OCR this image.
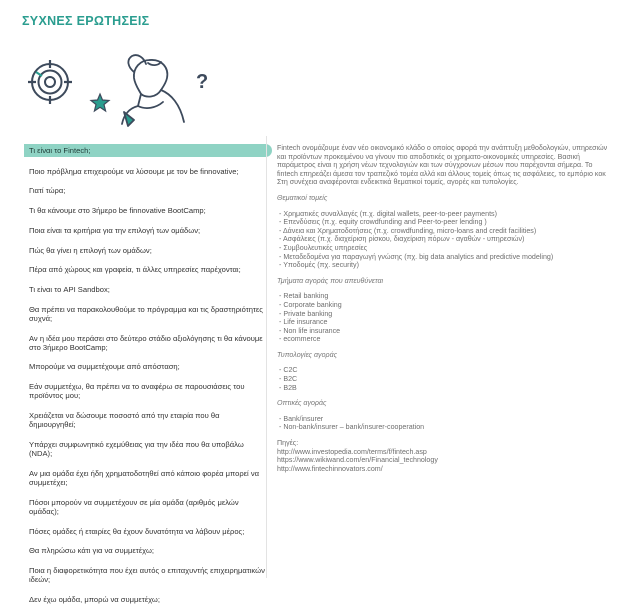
ΣΥΧΝΕΣ ΕΡΩΤΗΣΕΙΣ
?
Τι είναι το Fintech;
Ποιο πρόβλημα επιχειρούμε να λύσουμε με τον be finnovative;
Γιατί τώρα;
Τι θα κάνουμε στο 3ήμερο be finnovative BootCamp;
Ποια είναι τα κριτήρια για την επιλογή των ομάδων;
Πώς θα γίνει η επιλογή των ομάδων;
Πέρα από χώρους και γραφεία, τι άλλες υπηρεσίες παρέχονται;
Τι είναι το API Sandbox;
Θα πρέπει να παρακολουθούμε το πρόγραμμα και τις δραστηριότητες συχνά;
Αν η ιδέα μου περάσει στο δεύτερο στάδιο αξιολόγησης τι θα κάνουμε στο 3ήμερο BootCamp;
Μπορούμε να συμμετέχουμε από απόσταση;
Εάν συμμετέχω, θα πρέπει να το αναφέρω σε παρουσιάσεις του προϊόντος μου;
Χρειάζεται να δώσουμε ποσοστό από την εταιρία που θα δημιουργηθεί;
Υπάρχει συμφωνητικό εχεμύθειας για την ιδέα που θα υποβάλω (NDA);
Αν μια ομάδα έχει ήδη χρηματοδοτηθεί από κάποιο φορέα μπορεί να συμμετέχει;
Πόσοι μπορούν να συμμετέχουν σε μία ομάδα (αριθμός μελών ομάδας);
Πόσες ομάδες ή εταιρίες θα έχουν δυνατότητα να λάβουν μέρος;
Θα πληρώσω κάτι για να συμμετέχω;
Ποια η διαφορετικότητα που έχει αυτός ο επιταχυντής επιχειρηματικών ιδεών;
Δεν έχω ομάδα, μπορώ να συμμετέχω;

Fintech ονομάζουμε έναν νέο οικονομικό κλάδο ο οποίος αφορά την ανάπτυξη μεθοδολογιών, υπηρεσιών και προϊόντων προκειμένου να γίνουν πιο αποδοτικές οι χρηματο-οικονομικές υπηρεσίες. Βασική παράμετρος είναι η χρήση νέων τεχνολογιών και των σύγχρονων μέσων που παρέχονται σήμερα. Το fintech επηρεάζει άμεσα τον τραπεζικό τομέα αλλά και άλλους τομείς όπως τις ασφάλειες, το εμπόριο κοκ Στη συνέχεια αναφέρονται ενδεικτικά θεματικοί τομείς, αγορές και τυπολογίες.

Θεματικοί τομείς
- Χρηματικές συναλλαγές (π.χ. digital wallets, peer-to-peer payments)
- Επενδύσεις (π.χ. equity crowdfunding and Peer-to-peer lending )
- Δάνεια και Χρηματοδοτήσεις (π.χ. crowdfunding, micro-loans and credit facilities)
- Ασφάλειες (π.χ. διαχείριση ρίσκου, διαχείριση πόρων - αγαθών - υπηρεσιών)
- Συμβουλευτικές υπηρεσίες
- Μεταδεδομένα για παραγωγή γνώσης (πχ. big data analytics and predictive modeling)
- Υποδομές (πχ. security)
Τμήματα αγοράς που απευθύνεται
- Retail banking
- Corporate banking
- Private banking
- Life insurance
- Non life insurance
- ecommerce
Τυπολογίες αγοράς
- C2C
- B2C
- B2B
Οπτικές αγοράς
- Bank/insurer
- Non-bank/insurer – bank/insurer-cooperation
Πηγές:
http://www.investopedia.com/terms/f/fintech.asp
https://www.wikiwand.com/en/Financial_technology
http://www.fintechinnovators.com/
